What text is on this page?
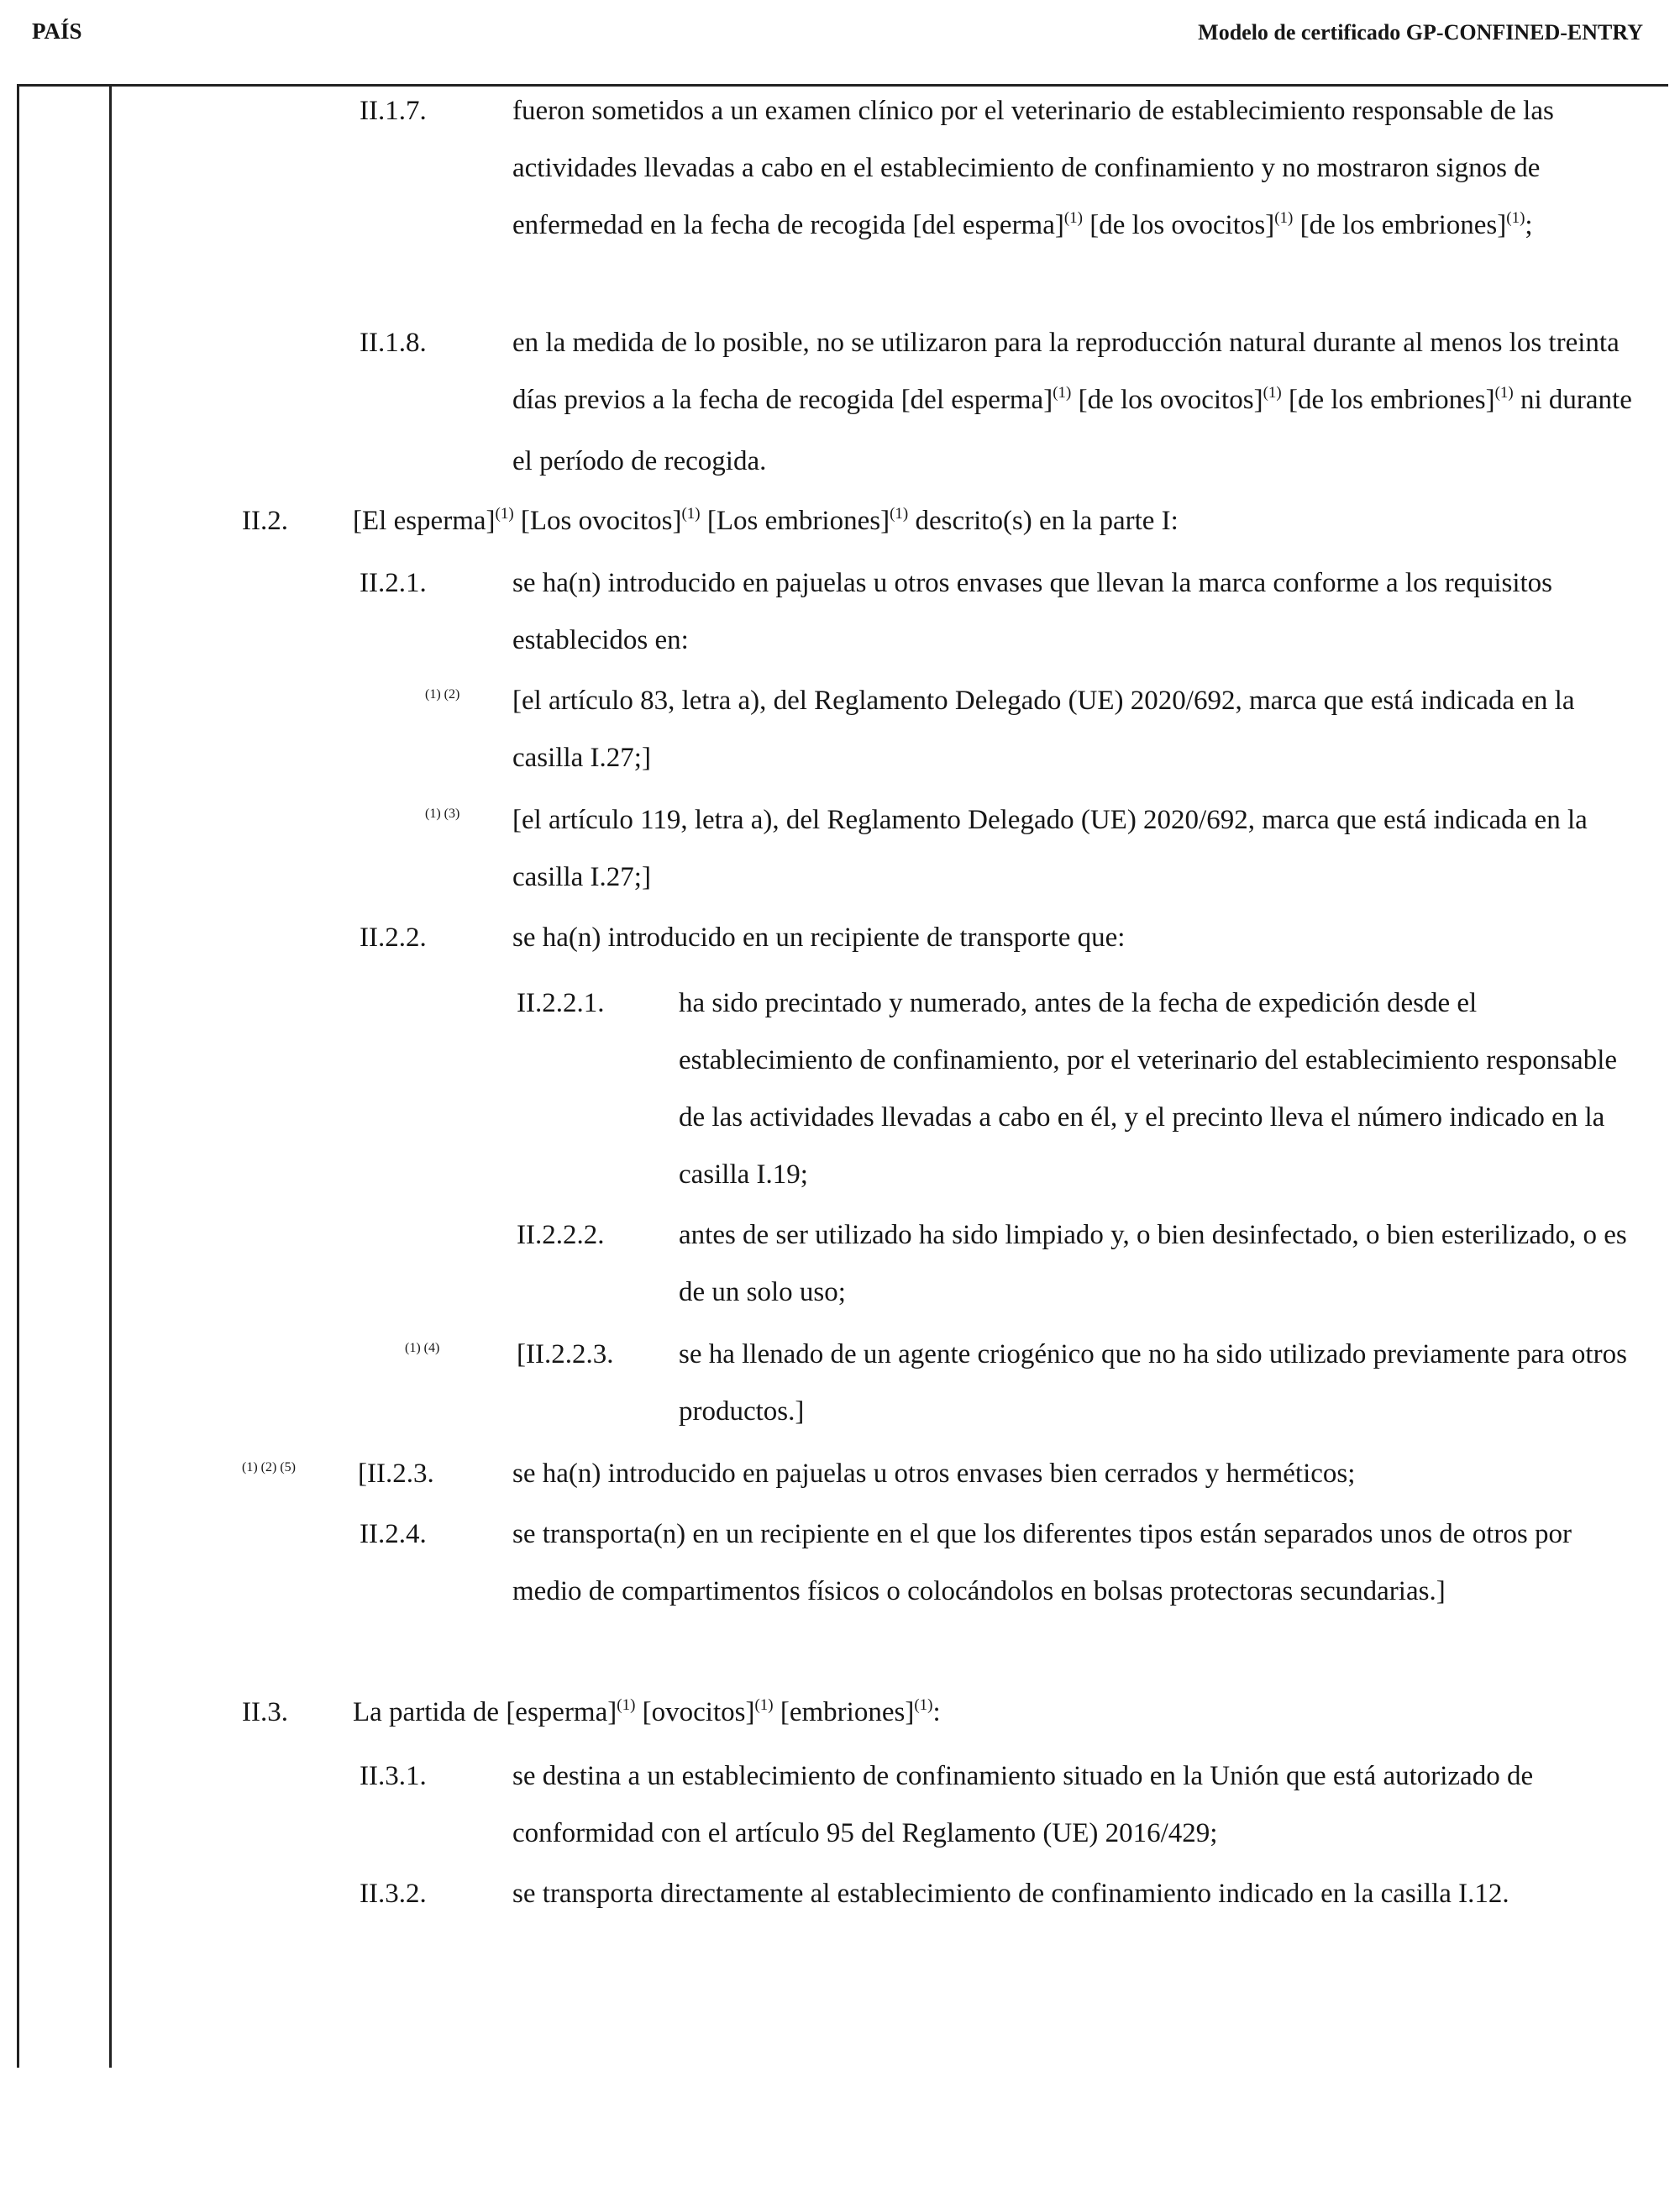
PAÍS	Modelo de certificado GP-CONFINED-ENTRY
II.1.7.	fueron sometidos a un examen clínico por el veterinario de establecimiento responsable de las actividades llevadas a cabo en el establecimiento de confinamiento y no mostraron signos de enfermedad en la fecha de recogida [del esperma]$^{(1)}$ [de los ovocitos]$^{(1)}$ [de los embriones]$^{(1)}$;
II.1.8.	en la medida de lo posible, no se utilizaron para la reproducción natural durante al menos los treinta días previos a la fecha de recogida [del esperma]$^{(1)}$ [de los ovocitos]$^{(1)}$ [de los embriones]$^{(1)}$ ni durante el período de recogida.
II.2. [El esperma]$^{(1)}$ [Los ovocitos]$^{(1)}$ [Los embriones]$^{(1)}$ descrito(s) en la parte I:
II.2.1.	se ha(n) introducido en pajuelas u otros envases que llevan la marca conforme a los requisitos establecidos en:
(1) (2) [el artículo 83, letra a), del Reglamento Delegado (UE) 2020/692, marca que está indicada en la casilla I.27;]
(1) (3) [el artículo 119, letra a), del Reglamento Delegado (UE) 2020/692, marca que está indicada en la casilla I.27;]
II.2.2.	se ha(n) introducido en un recipiente de transporte que:
II.2.2.1.	ha sido precintado y numerado, antes de la fecha de expedición desde el establecimiento de confinamiento, por el veterinario del establecimiento responsable de las actividades llevadas a cabo en él, y el precinto lleva el número indicado en la casilla I.19;
II.2.2.2.	antes de ser utilizado ha sido limpiado y, o bien desinfectado, o bien esterilizado, o es de un solo uso;
(1) (4)	[II.2.2.3. se ha llenado de un agente criogénico que no ha sido utilizado previamente para otros productos.]
(1) (2) (5) [II.2.3.	se ha(n) introducido en pajuelas u otros envases bien cerrados y herméticos;
II.2.4.	se transporta(n) en un recipiente en el que los diferentes tipos están separados unos de otros por medio de compartimentos físicos o colocándolos en bolsas protectoras secundarias.]
II.3. La partida de [esperma]$^{(1)}$ [ovocitos]$^{(1)}$ [embriones]$^{(1)}$:
II.3.1.	se destina a un establecimiento de confinamiento situado en la Unión que está autorizado de conformidad con el artículo 95 del Reglamento (UE) 2016/429;
II.3.2.	se transporta directamente al establecimiento de confinamiento indicado en la casilla I.12.
